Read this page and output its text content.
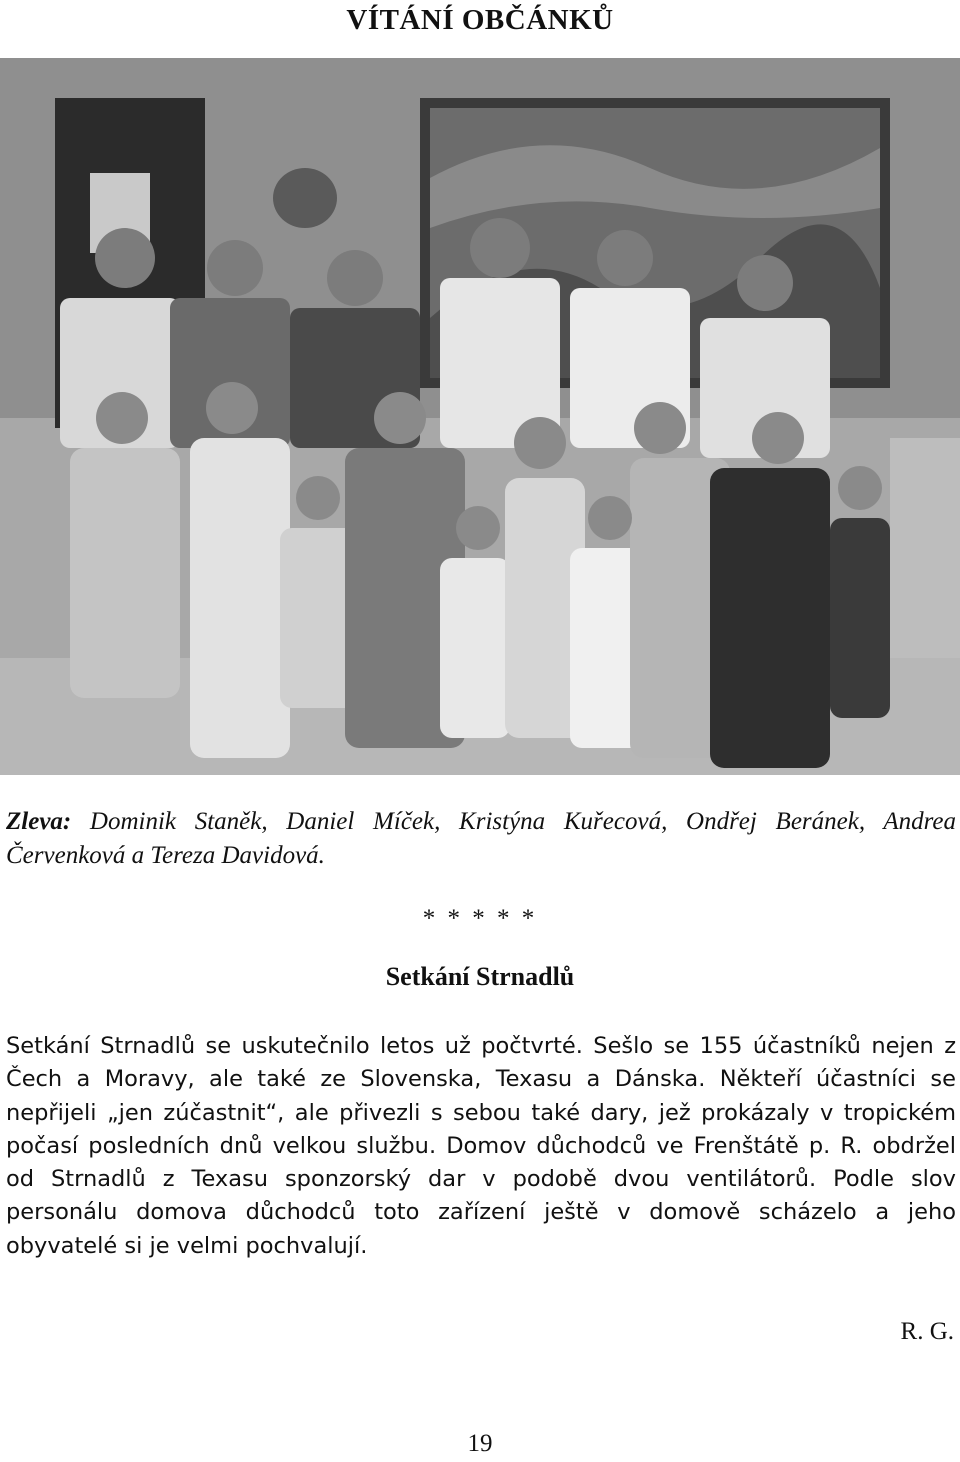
VÍTÁNÍ OBČÁNKŮ
Zleva: Dominik Staněk, Daniel Míček, Kristýna Kuřecová, Ondřej Beránek, Andrea Červenková a Tereza Davidová.
* * * * *
Setkání Strnadlů
Setkání Strnadlů se uskutečnilo letos už počtvrté. Sešlo se 155 účastníků nejen z Čech a Moravy, ale také ze Slovenska, Texasu a Dánska. Někteří účastníci se nepřijeli „jen zúčastnit“, ale přivezli s sebou také dary, jež prokázaly v tropickém počasí posledních dnů velkou službu. Domov důchodců ve Frenštátě p. R. obdržel od Strnadlů z Texasu sponzorský dar v podobě dvou ventilátorů. Podle slov personálu domova důchodců toto zařízení ještě v domově scházelo a jeho obyvatelé si je velmi pochvalují.
R. G.
19
